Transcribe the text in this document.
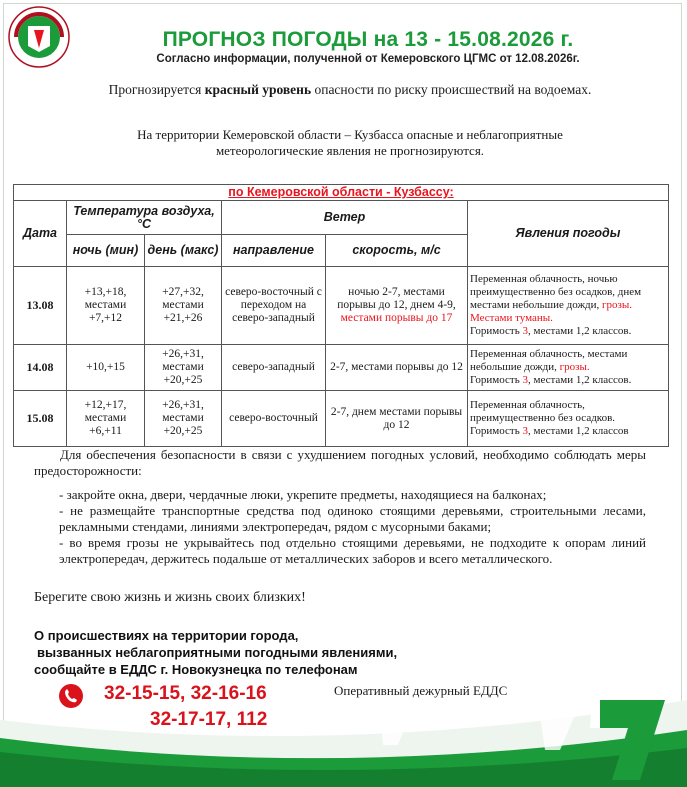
ПРОГНОЗ ПОГОДЫ на 13 - 15.08.2026 г.
Согласно информации, полученной от Кемеровского ЦГМС от 12.08.2026г.
Прогнозируется красный уровень опасности по риску происшествий на водоемах.
На территории Кемеровской области – Кузбасса опасные и неблагоприятные метеорологические явления не прогнозируются.
по Кемеровской области - Кузбассу:					
Дата	Температура воздуха, °С		Ветер		Явления погоды
	ночь (мин)	день (макс)	направление	скорость, м/с	
13.08	+13,+18, местами +7,+12	+27,+32, местами +21,+26	северо-восточный с переходом на северо-западный	ночью 2-7, местами порывы до 12, днем 4-9, местами порывы до 17	Переменная облачность, ночью преимущественно без осадков, днем местами небольшие дожди, грозы. Местами туманы.
Горимость 3, местами 1,2 классов.
14.08	+10,+15	+26,+31, местами +20,+25	северо-западный	2-7, местами порывы до 12	Переменная облачность, местами небольшие дожди, грозы.
Горимость 3, местами 1,2 классов.
15.08	+12,+17, местами +6,+11	+26,+31, местами +20,+25	северо-восточный	2-7, днем местами порывы до 12	Переменная облачность, преимущественно без осадков.
Горимость 3, местами 1,2 классов

Для обеспечения безопасности в связи с ухудшением погодных условий, необходимо соблюдать меры предосторожности:

- закройте окна, двери, чердачные люки, укрепите предметы, находящиеся на балконах;
- не размещайте транспортные средства под одиноко стоящими деревьями, строительными лесами, рекламными стендами, линиями электропередач, рядом с мусорными баками;
- во время грозы не укрывайтесь под отдельно стоящими деревьями, не подходите к опорам линий электропередач, держитесь подальше от металлических заборов и всего металлического.
Берегите свою жизнь и жизнь своих близких!
О происшествиях на территории города,
вызванных неблагоприятными погодными явлениями,
сообщайте в ЕДДС г. Новокузнецка по телефонам
Оперативный дежурный ЕДДС
32-15-15, 32-16-16
32-17-17, 112
